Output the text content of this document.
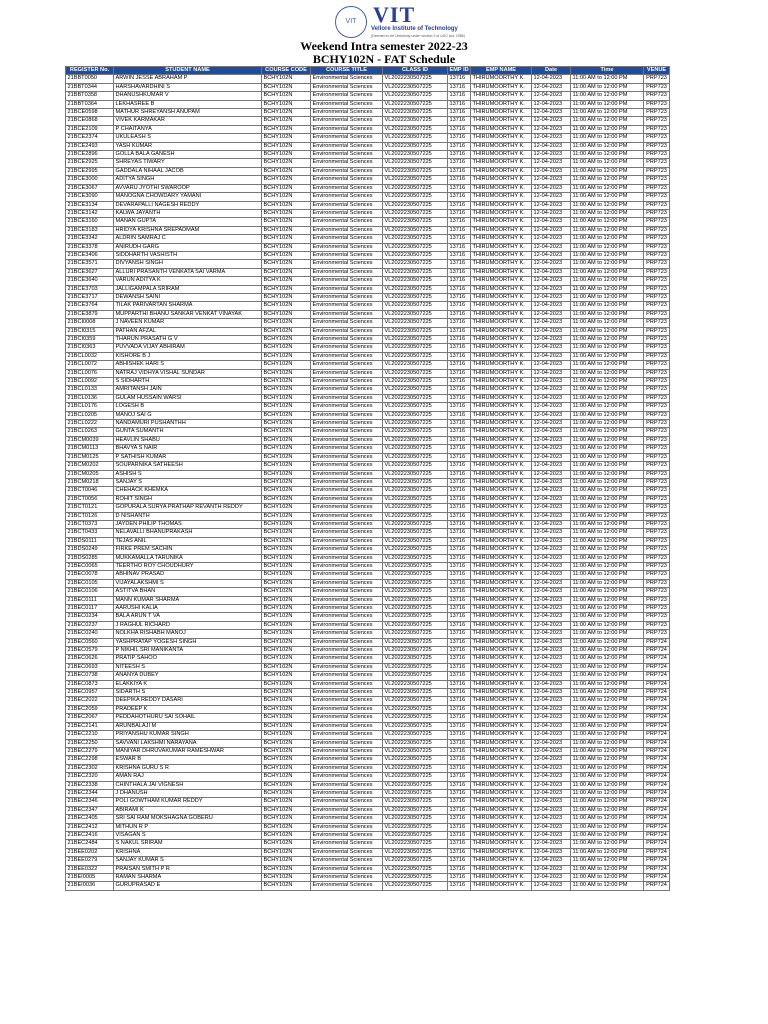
VIT VIT
Vellore Institute of Technology
(Deemed to be University under section 3 of UGC Act, 1956)
Weekend Intra semester 2022-23
BCHY102N - FAT Schedule
REGISTER No.	STUDENT NAME	COURSE CODE	COURSE TITLE	CLASS ID	EMP ID	EMP NAME	Date	Time	VENUE
21BBT0050	ARWIN JESSE ABRAHAM P	BCHY102N	Environmental Sciences	VL2022230507225	13716	THIRUMOORTHY K.	12-04-2023	11:00 AM to 12:00 PM	PRP723
21BBT0344	HARSHAVARDHINI S	BCHY102N	Environmental Sciences	VL2022230507225	13716	THIRUMOORTHY K.	12-04-2023	11:00 AM to 12:00 PM	PRP723
21BBT0358	DHANUSHKUMAR V	BCHY102N	Environmental Sciences	VL2022230507225	13716	THIRUMOORTHY K.	12-04-2023	11:00 AM to 12:00 PM	PRP723
21BBT0364	LEKHASREE B	BCHY102N	Environmental Sciences	VL2022230507225	13716	THIRUMOORTHY K.	12-04-2023	11:00 AM to 12:00 PM	PRP723
21BCE0598	MATHUR SHREYANSH ANUPAM	BCHY102N	Environmental Sciences	VL2022230507225	13716	THIRUMOORTHY K.	12-04-2023	11:00 AM to 12:00 PM	PRP723
21BCE0868	VIVEK KARMAKAR	BCHY102N	Environmental Sciences	VL2022230507225	13716	THIRUMOORTHY K.	12-04-2023	11:00 AM to 12:00 PM	PRP723
21BCE2109	P CHAITANYA	BCHY102N	Environmental Sciences	VL2022230507225	13716	THIRUMOORTHY K.	12-04-2023	11:00 AM to 12:00 PM	PRP723
21BCE2374	UKULEASH S	BCHY102N	Environmental Sciences	VL2022230507225	13716	THIRUMOORTHY K.	12-04-2023	11:00 AM to 12:00 PM	PRP723
21BCE2493	YASH KUMAR	BCHY102N	Environmental Sciences	VL2022230507225	13716	THIRUMOORTHY K.	12-04-2023	11:00 AM to 12:00 PM	PRP723
21BCE2896	GOLLA BALA GANESH	BCHY102N	Environmental Sciences	VL2022230507225	13716	THIRUMOORTHY K.	12-04-2023	11:00 AM to 12:00 PM	PRP723
21BCE2925	SHREYAS TIWARY	BCHY102N	Environmental Sciences	VL2022230507225	13716	THIRUMOORTHY K.	12-04-2023	11:00 AM to 12:00 PM	PRP723
21BCE2995	GADDALA NIHAAL JACOB	BCHY102N	Environmental Sciences	VL2022230507225	13716	THIRUMOORTHY K.	12-04-2023	11:00 AM to 12:00 PM	PRP723
21BCE3000	ADITYA SINGH	BCHY102N	Environmental Sciences	VL2022230507225	13716	THIRUMOORTHY K.	12-04-2023	11:00 AM to 12:00 PM	PRP723
21BCE3067	AVVARU JYOTHI SWAROOP	BCHY102N	Environmental Sciences	VL2022230507225	13716	THIRUMOORTHY K.	12-04-2023	11:00 AM to 12:00 PM	PRP723
21BCE3090	MANOGNA CHOWDARY YAMANI	BCHY102N	Environmental Sciences	VL2022230507225	13716	THIRUMOORTHY K.	12-04-2023	11:00 AM to 12:00 PM	PRP723
21BCE3134	DEVARAPALLI NAGESH REDDY	BCHY102N	Environmental Sciences	VL2022230507225	13716	THIRUMOORTHY K.	12-04-2023	11:00 AM to 12:00 PM	PRP723
21BCE3142	KALWA JAYANTH	BCHY102N	Environmental Sciences	VL2022230507225	13716	THIRUMOORTHY K.	12-04-2023	11:00 AM to 12:00 PM	PRP723
21BCE3160	MANAN GUPTA	BCHY102N	Environmental Sciences	VL2022230507225	13716	THIRUMOORTHY K.	12-04-2023	11:00 AM to 12:00 PM	PRP723
21BCE3183	HRIDYA KRISHNA SREPADMAM	BCHY102N	Environmental Sciences	VL2022230507225	13716	THIRUMOORTHY K.	12-04-2023	11:00 AM to 12:00 PM	PRP723
21BCE3342	ALDRIN SAMRAJ C	BCHY102N	Environmental Sciences	VL2022230507225	13716	THIRUMOORTHY K.	12-04-2023	11:00 AM to 12:00 PM	PRP723
21BCE3378	ANIRUDH GARG	BCHY102N	Environmental Sciences	VL2022230507225	13716	THIRUMOORTHY K.	12-04-2023	11:00 AM to 12:00 PM	PRP723
21BCE3406	SIDDHARTH VASHISTH	BCHY102N	Environmental Sciences	VL2022230507225	13716	THIRUMOORTHY K.	12-04-2023	11:00 AM to 12:00 PM	PRP723
21BCE3571	DIVYANSH SINGH	BCHY102N	Environmental Sciences	VL2022230507225	13716	THIRUMOORTHY K.	12-04-2023	11:00 AM to 12:00 PM	PRP723
21BCE3627	ALLURI PRASANTH VENKATA SAI VARMA	BCHY102N	Environmental Sciences	VL2022230507225	13716	THIRUMOORTHY K.	12-04-2023	11:00 AM to 12:00 PM	PRP723
21BCE3640	VARUN ADITYA K	BCHY102N	Environmental Sciences	VL2022230507225	13716	THIRUMOORTHY K.	12-04-2023	11:00 AM to 12:00 PM	PRP723
21BCE3703	JALLIGAMPALA SRIRAM	BCHY102N	Environmental Sciences	VL2022230507225	13716	THIRUMOORTHY K.	12-04-2023	11:00 AM to 12:00 PM	PRP723
21BCE3717	DEWANSH SAINI	BCHY102N	Environmental Sciences	VL2022230507225	13716	THIRUMOORTHY K.	12-04-2023	11:00 AM to 12:00 PM	PRP723
21BCE3764	TILAK PARIVARTAN SHARMA	BCHY102N	Environmental Sciences	VL2022230507225	13716	THIRUMOORTHY K.	12-04-2023	11:00 AM to 12:00 PM	PRP723
21BCE3879	MUPPARTHI BHANU SANKAR VENKAT VINAYAK	BCHY102N	Environmental Sciences	VL2022230507225	13716	THIRUMOORTHY K.	12-04-2023	11:00 AM to 12:00 PM	PRP723
21BCI0008	J NAVEEN KUMAR	BCHY102N	Environmental Sciences	VL2022230507225	13716	THIRUMOORTHY K.	12-04-2023	11:00 AM to 12:00 PM	PRP723
21BCI0315	PATHAN AFZAL	BCHY102N	Environmental Sciences	VL2022230507225	13716	THIRUMOORTHY K.	12-04-2023	11:00 AM to 12:00 PM	PRP723
21BCI0359	THARUN PRASATH G V	BCHY102N	Environmental Sciences	VL2022230507225	13716	THIRUMOORTHY K.	12-04-2023	11:00 AM to 12:00 PM	PRP723
21BCI0363	PUVVADA VIJAY ABHIRAM	BCHY102N	Environmental Sciences	VL2022230507225	13716	THIRUMOORTHY K.	12-04-2023	11:00 AM to 12:00 PM	PRP723
21BCL0032	KISHORE B J	BCHY102N	Environmental Sciences	VL2022230507225	13716	THIRUMOORTHY K.	12-04-2023	11:00 AM to 12:00 PM	PRP723
21BCL0072	ABHISHEK HARI S	BCHY102N	Environmental Sciences	VL2022230507225	13716	THIRUMOORTHY K.	12-04-2023	11:00 AM to 12:00 PM	PRP723
21BCL0076	NATRAJ VIDHYA VISHAL SUNDAR	BCHY102N	Environmental Sciences	VL2022230507225	13716	THIRUMOORTHY K.	12-04-2023	11:00 AM to 12:00 PM	PRP723
21BCL0092	S SIDHARTH	BCHY102N	Environmental Sciences	VL2022230507225	13716	THIRUMOORTHY K.	12-04-2023	11:00 AM to 12:00 PM	PRP723
21BCL0133	AMRITANSH JAIN	BCHY102N	Environmental Sciences	VL2022230507225	13716	THIRUMOORTHY K.	12-04-2023	11:00 AM to 12:00 PM	PRP723
21BCL0136	GULAM HUSSAIN WARSI	BCHY102N	Environmental Sciences	VL2022230507225	13716	THIRUMOORTHY K.	12-04-2023	11:00 AM to 12:00 PM	PRP723
21BCL0176	LOGESH B	BCHY102N	Environmental Sciences	VL2022230507225	13716	THIRUMOORTHY K.	12-04-2023	11:00 AM to 12:00 PM	PRP723
21BCL0205	MANOJ SAI G	BCHY102N	Environmental Sciences	VL2022230507225	13716	THIRUMOORTHY K.	12-04-2023	11:00 AM to 12:00 PM	PRP723
21BCL0222	NANDAMURI PUSHANTHH	BCHY102N	Environmental Sciences	VL2022230507225	13716	THIRUMOORTHY K.	12-04-2023	11:00 AM to 12:00 PM	PRP723
21BCL0263	GUNTA SUMANTH	BCHY102N	Environmental Sciences	VL2022230507225	13716	THIRUMOORTHY K.	12-04-2023	11:00 AM to 12:00 PM	PRP723
21BCM0039	HEAVLIN SHABU	BCHY102N	Environmental Sciences	VL2022230507225	13716	THIRUMOORTHY K.	12-04-2023	11:00 AM to 12:00 PM	PRP723
21BCM0113	BHAVYA S NAIR	BCHY102N	Environmental Sciences	VL2022230507225	13716	THIRUMOORTHY K.	12-04-2023	11:00 AM to 12:00 PM	PRP723
21BCM0125	P SATHISH KUMAR	BCHY102N	Environmental Sciences	VL2022230507225	13716	THIRUMOORTHY K.	12-04-2023	11:00 AM to 12:00 PM	PRP723
21BCM0202	SOUPARNIKA SATHEESH	BCHY102N	Environmental Sciences	VL2022230507225	13716	THIRUMOORTHY K.	12-04-2023	11:00 AM to 12:00 PM	PRP723
21BCM0205	ASHISH S	BCHY102N	Environmental Sciences	VL2022230507225	13716	THIRUMOORTHY K.	12-04-2023	11:00 AM to 12:00 PM	PRP723
21BCM0218	SANJAY S	BCHY102N	Environmental Sciences	VL2022230507225	13716	THIRUMOORTHY K.	12-04-2023	11:00 AM to 12:00 PM	PRP723
21BCT0046	CHEHACK KHEMKA	BCHY102N	Environmental Sciences	VL2022230507225	13716	THIRUMOORTHY K.	12-04-2023	11:00 AM to 12:00 PM	PRP723
21BCT0056	ROHIT SINGH	BCHY102N	Environmental Sciences	VL2022230507225	13716	THIRUMOORTHY K.	12-04-2023	11:00 AM to 12:00 PM	PRP723
21BCT0121	GOPURALA SURYA PRATHAP REVANTH REDDY	BCHY102N	Environmental Sciences	VL2022230507225	13716	THIRUMOORTHY K.	12-04-2023	11:00 AM to 12:00 PM	PRP723
21BCT0126	D NISHANTH	BCHY102N	Environmental Sciences	VL2022230507225	13716	THIRUMOORTHY K.	12-04-2023	11:00 AM to 12:00 PM	PRP723
21BCT0373	JAYDEN PHILIP THOMAS	BCHY102N	Environmental Sciences	VL2022230507225	13716	THIRUMOORTHY K.	12-04-2023	11:00 AM to 12:00 PM	PRP723
21BCT0433	NELAVALLI BHANUPRAKASH	BCHY102N	Environmental Sciences	VL2022230507225	13716	THIRUMOORTHY K.	12-04-2023	11:00 AM to 12:00 PM	PRP723
21BDS0111	TEJAS ANIL	BCHY102N	Environmental Sciences	VL2022230507225	13716	THIRUMOORTHY K.	12-04-2023	11:00 AM to 12:00 PM	PRP723
21BDS0249	FIRKE PREM SACHIN	BCHY102N	Environmental Sciences	VL2022230507225	13716	THIRUMOORTHY K.	12-04-2023	11:00 AM to 12:00 PM	PRP723
21BDS0285	MUKKAMALLA TARUNIKA	BCHY102N	Environmental Sciences	VL2022230507225	13716	THIRUMOORTHY K.	12-04-2023	11:00 AM to 12:00 PM	PRP723
21BEC0065	TEERTHO ROY CHOUDHURY	BCHY102N	Environmental Sciences	VL2022230507225	13716	THIRUMOORTHY K.	12-04-2023	11:00 AM to 12:00 PM	PRP723
21BEC0078	ABHINAV PRASAD	BCHY102N	Environmental Sciences	VL2022230507225	13716	THIRUMOORTHY K.	12-04-2023	11:00 AM to 12:00 PM	PRP723
21BEC0105	VIJAYALAKSHMI S	BCHY102N	Environmental Sciences	VL2022230507225	13716	THIRUMOORTHY K.	12-04-2023	11:00 AM to 12:00 PM	PRP723
21BEC0106	ASTITVA BHAN	BCHY102N	Environmental Sciences	VL2022230507225	13716	THIRUMOORTHY K.	12-04-2023	11:00 AM to 12:00 PM	PRP723
21BEC0111	MANN KUMAR SHARMA	BCHY102N	Environmental Sciences	VL2022230507225	13716	THIRUMOORTHY K.	12-04-2023	11:00 AM to 12:00 PM	PRP723
21BEC0117	AARUSHI KALIA	BCHY102N	Environmental Sciences	VL2022230507225	13716	THIRUMOORTHY K.	12-04-2023	11:00 AM to 12:00 PM	PRP723
21BEC0234	BALA ARUN T VA	BCHY102N	Environmental Sciences	VL2022230507225	13716	THIRUMOORTHY K.	12-04-2023	11:00 AM to 12:00 PM	PRP723
21BEC0237	J RAGHUL RICHARD	BCHY102N	Environmental Sciences	VL2022230507225	13716	THIRUMOORTHY K.	12-04-2023	11:00 AM to 12:00 PM	PRP723
21BEC0240	NOLKHA RISHABH MANOJ	BCHY102N	Environmental Sciences	VL2022230507225	13716	THIRUMOORTHY K.	12-04-2023	11:00 AM to 12:00 PM	PRP723
21BEC0560	YASHPRATAP YOGESH SINGH	BCHY102N	Environmental Sciences	VL2022230507225	13716	THIRUMOORTHY K.	12-04-2023	11:00 AM to 12:00 PM	PRP724
21BEC0579	P NIKHIL SRI MANIKANTA	BCHY102N	Environmental Sciences	VL2022230507225	13716	THIRUMOORTHY K.	12-04-2023	11:00 AM to 12:00 PM	PRP724
21BEC0626	PRATIP SAHOO	BCHY102N	Environmental Sciences	VL2022230507225	13716	THIRUMOORTHY K.	12-04-2023	11:00 AM to 12:00 PM	PRP724
21BEC0693	NITEESH S	BCHY102N	Environmental Sciences	VL2022230507225	13716	THIRUMOORTHY K.	12-04-2023	11:00 AM to 12:00 PM	PRP724
21BEC0738	ANANYA DUBEY	BCHY102N	Environmental Sciences	VL2022230507225	13716	THIRUMOORTHY K.	12-04-2023	11:00 AM to 12:00 PM	PRP724
21BEC0873	ELAKKIYA K	BCHY102N	Environmental Sciences	VL2022230507225	13716	THIRUMOORTHY K.	12-04-2023	11:00 AM to 12:00 PM	PRP724
21BEC0957	SIDARTH S	BCHY102N	Environmental Sciences	VL2022230507225	13716	THIRUMOORTHY K.	12-04-2023	11:00 AM to 12:00 PM	PRP724
21BEC2022	DEEPIKA REDDY DASARI	BCHY102N	Environmental Sciences	VL2022230507225	13716	THIRUMOORTHY K.	12-04-2023	11:00 AM to 12:00 PM	PRP724
21BEC2059	PRADEEP K	BCHY102N	Environmental Sciences	VL2022230507225	13716	THIRUMOORTHY K.	12-04-2023	11:00 AM to 12:00 PM	PRP724
21BEC2067	PEDDAHOTHURU SAI SOHAIL	BCHY102N	Environmental Sciences	VL2022230507225	13716	THIRUMOORTHY K.	12-04-2023	11:00 AM to 12:00 PM	PRP724
21BEC2141	ARUNBALAJI M	BCHY102N	Environmental Sciences	VL2022230507225	13716	THIRUMOORTHY K.	12-04-2023	11:00 AM to 12:00 PM	PRP724
21BEC2210	PRIYANSHU KUMAR SINGH	BCHY102N	Environmental Sciences	VL2022230507225	13716	THIRUMOORTHY K.	12-04-2023	11:00 AM to 12:00 PM	PRP724
21BEC2250	SAVVANI LAKSHMI NARAYANA	BCHY102N	Environmental Sciences	VL2022230507225	13716	THIRUMOORTHY K.	12-04-2023	11:00 AM to 12:00 PM	PRP724
21BEC2279	MANIYAR DHRUVAKUMAR RAMESHWAR	BCHY102N	Environmental Sciences	VL2022230507225	13716	THIRUMOORTHY K.	12-04-2023	11:00 AM to 12:00 PM	PRP724
21BEC2298	ESWAR B	BCHY102N	Environmental Sciences	VL2022230507225	13716	THIRUMOORTHY K.	12-04-2023	11:00 AM to 12:00 PM	PRP724
21BEC2302	KRISHNA GURU S R	BCHY102N	Environmental Sciences	VL2022230507225	13716	THIRUMOORTHY K.	12-04-2023	11:00 AM to 12:00 PM	PRP724
21BEC2320	AMAN RAJ	BCHY102N	Environmental Sciences	VL2022230507225	13716	THIRUMOORTHY K.	12-04-2023	11:00 AM to 12:00 PM	PRP724
21BEC2338	CHINTHALA JAI VIGNESH	BCHY102N	Environmental Sciences	VL2022230507225	13716	THIRUMOORTHY K.	12-04-2023	11:00 AM to 12:00 PM	PRP724
21BEC2344	J DHANUSH	BCHY102N	Environmental Sciences	VL2022230507225	13716	THIRUMOORTHY K.	12-04-2023	11:00 AM to 12:00 PM	PRP724
21BEC2346	POLI GOWTHAM KUMAR REDDY	BCHY102N	Environmental Sciences	VL2022230507225	13716	THIRUMOORTHY K.	12-04-2023	11:00 AM to 12:00 PM	PRP724
21BEC2347	ABIRAMI K	BCHY102N	Environmental Sciences	VL2022230507225	13716	THIRUMOORTHY K.	12-04-2023	11:00 AM to 12:00 PM	PRP724
21BEC2405	SRI SAI RAM MOKSHAGNA GOBERU	BCHY102N	Environmental Sciences	VL2022230507225	13716	THIRUMOORTHY K.	12-04-2023	11:00 AM to 12:00 PM	PRP724
21BEC2412	MITHUN R P	BCHY102N	Environmental Sciences	VL2022230507225	13716	THIRUMOORTHY K.	12-04-2023	11:00 AM to 12:00 PM	PRP724
21BEC2416	VISAGAN S	BCHY102N	Environmental Sciences	VL2022230507225	13716	THIRUMOORTHY K.	12-04-2023	11:00 AM to 12:00 PM	PRP724
21BEC2484	S NAKUL SRIRAM	BCHY102N	Environmental Sciences	VL2022230507225	13716	THIRUMOORTHY K.	12-04-2023	11:00 AM to 12:00 PM	PRP724
21BEE0202	KRISHNA	BCHY102N	Environmental Sciences	VL2022230507225	13716	THIRUMOORTHY K.	12-04-2023	11:00 AM to 12:00 PM	PRP724
21BEE0279	SANJAY KUMAR S	BCHY102N	Environmental Sciences	VL2022230507225	13716	THIRUMOORTHY K.	12-04-2023	11:00 AM to 12:00 PM	PRP724
21BEE0322	PRAISAN SMITH P R	BCHY102N	Environmental Sciences	VL2022230507225	13716	THIRUMOORTHY K.	12-04-2023	11:00 AM to 12:00 PM	PRP724
21BEI0005	RAMAN SHARMA	BCHY102N	Environmental Sciences	VL2022230507225	13716	THIRUMOORTHY K.	12-04-2023	11:00 AM to 12:00 PM	PRP724
21BEI0036	GURUPRASAD E	BCHY102N	Environmental Sciences	VL2022230507225	13716	THIRUMOORTHY K.	12-04-2023	11:00 AM to 12:00 PM	PRP724
